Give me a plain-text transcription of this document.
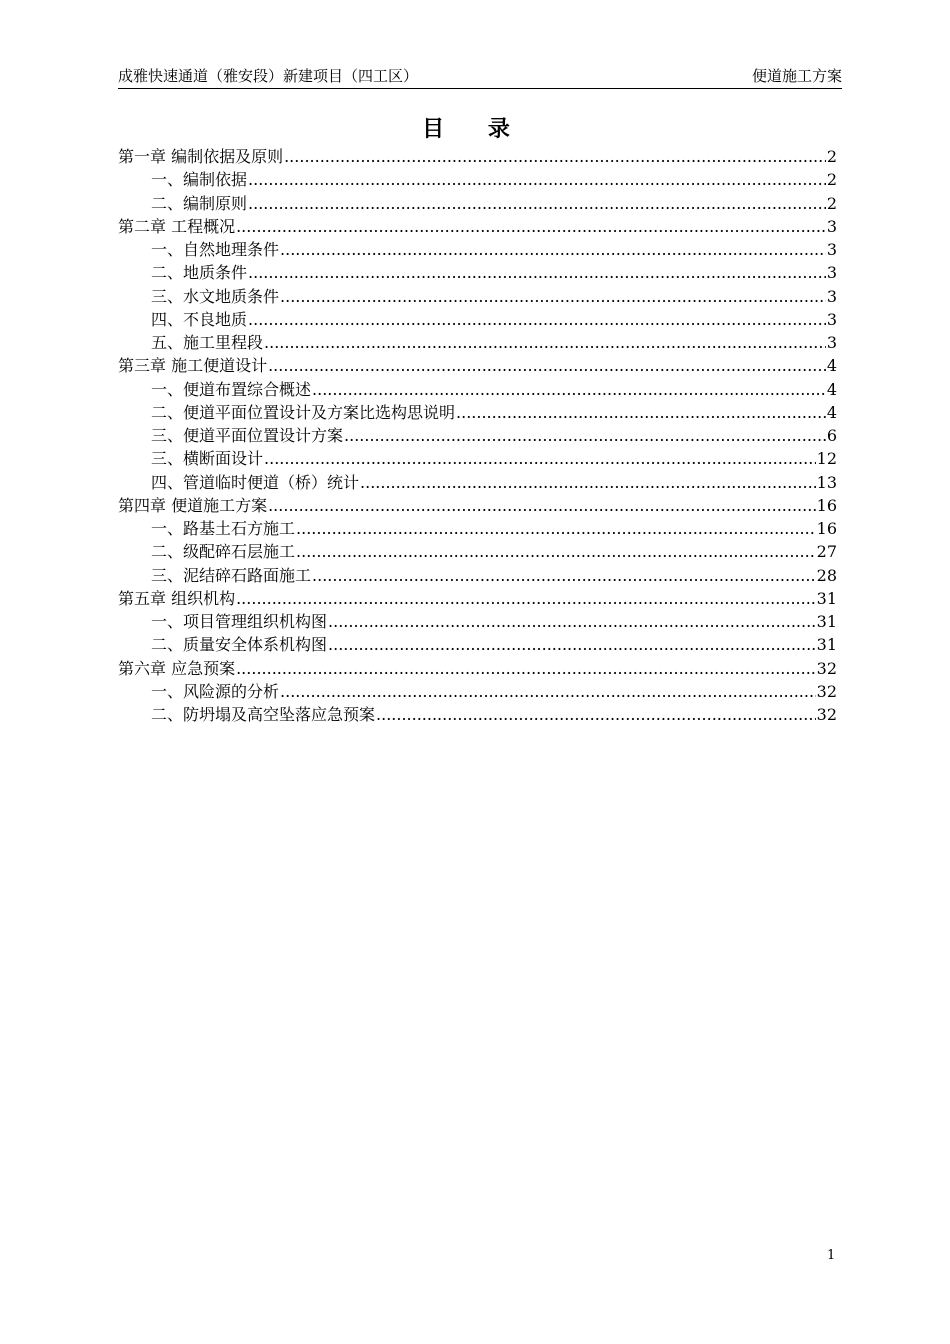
成雅快速通道（雅安段）新建项目（四工区）	便道施工方案
目 录
第一章 编制依据及原则 .....	2
一、编制依据 .....	2
二、编制原则 .....	2
第二章 工程概况 .....	3
一、自然地理条件 .....	3
二、地质条件 .....	3
三、水文地质条件 .....	3
四、不良地质 .....	3
五、施工里程段 .....	3
第三章 施工便道设计 .....	4
一、便道布置综合概述 .....	4
二、便道平面位置设计及方案比选构思说明 .....	4
三、便道平面位置设计方案 .....	6
三、横断面设计 .....	12
四、管道临时便道（桥）统计 .....	13
第四章 便道施工方案 .....	16
一、路基土石方施工 .....	16
二、级配碎石层施工 .....	27
三、泥结碎石路面施工 .....	28
第五章 组织机构 .....	31
一、项目管理组织机构图 .....	31
二、质量安全体系机构图 .....	31
第六章 应急预案 .....	32
一、风险源的分析 .....	32
二、防坍塌及高空坠落应急预案 .....	32
1
